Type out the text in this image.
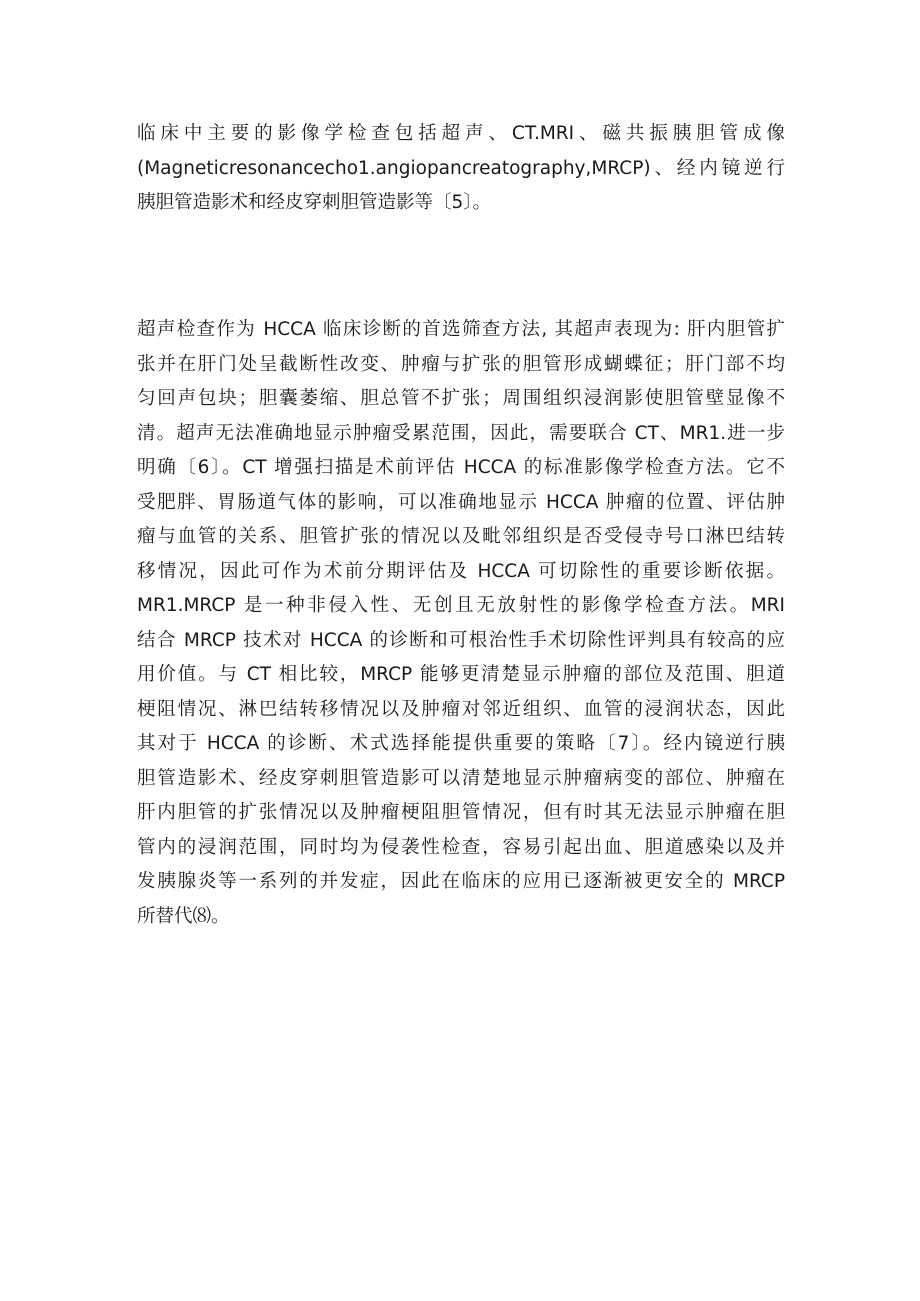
临床中主要的影像学检查包括超声、CT.MRI、磁共振胰胆管成像
(Magneticresonancecho1.angiopancreatography,MRCP)、经内镜逆行
胰胆管造影术和经皮穿刺胆管造影等〔5〕。
超声检查作为 HCCA 临床诊断的首选筛查方法, 其超声表现为: 肝内胆管扩
张并在肝门处呈截断性改变、肿瘤与扩张的胆管形成蝴蝶征；肝门部不均
匀回声包块；胆囊萎缩、胆总管不扩张；周围组织浸润影使胆管壁显像不
清。超声无法准确地显示肿瘤受累范围，因此，需要联合 CT、MR1.进一步
明确〔6〕。CT 增强扫描是术前评估 HCCA 的标准影像学检查方法。它不
受肥胖、胃肠道气体的影响，可以准确地显示 HCCA 肿瘤的位置、评估肿
瘤与血管的关系、胆管扩张的情况以及毗邻组织是否受侵寺号口淋巴结转
移情况，因此可作为术前分期评估及 HCCA 可切除性的重要诊断依据。
MR1.MRCP 是一种非侵入性、无创且无放射性的影像学检查方法。MRI
结合 MRCP 技术对 HCCA 的诊断和可根治性手术切除性评判具有较高的应
用价值。与 CT 相比较，MRCP 能够更清楚显示肿瘤的部位及范围、胆道
梗阻情况、淋巴结转移情况以及肿瘤对邻近组织、血管的浸润状态，因此
其对于 HCCA 的诊断、术式选择能提供重要的策略〔7〕。经内镜逆行胰
胆管造影术、经皮穿刺胆管造影可以清楚地显示肿瘤病变的部位、肿瘤在
肝内胆管的扩张情况以及肿瘤梗阻胆管情况，但有时其无法显示肿瘤在胆
管内的浸润范围，同时均为侵袭性检查，容易引起出血、胆道感染以及并
发胰腺炎等一系列的并发症，因此在临床的应用已逐渐被更安全的 MRCP
所替代⑻。
